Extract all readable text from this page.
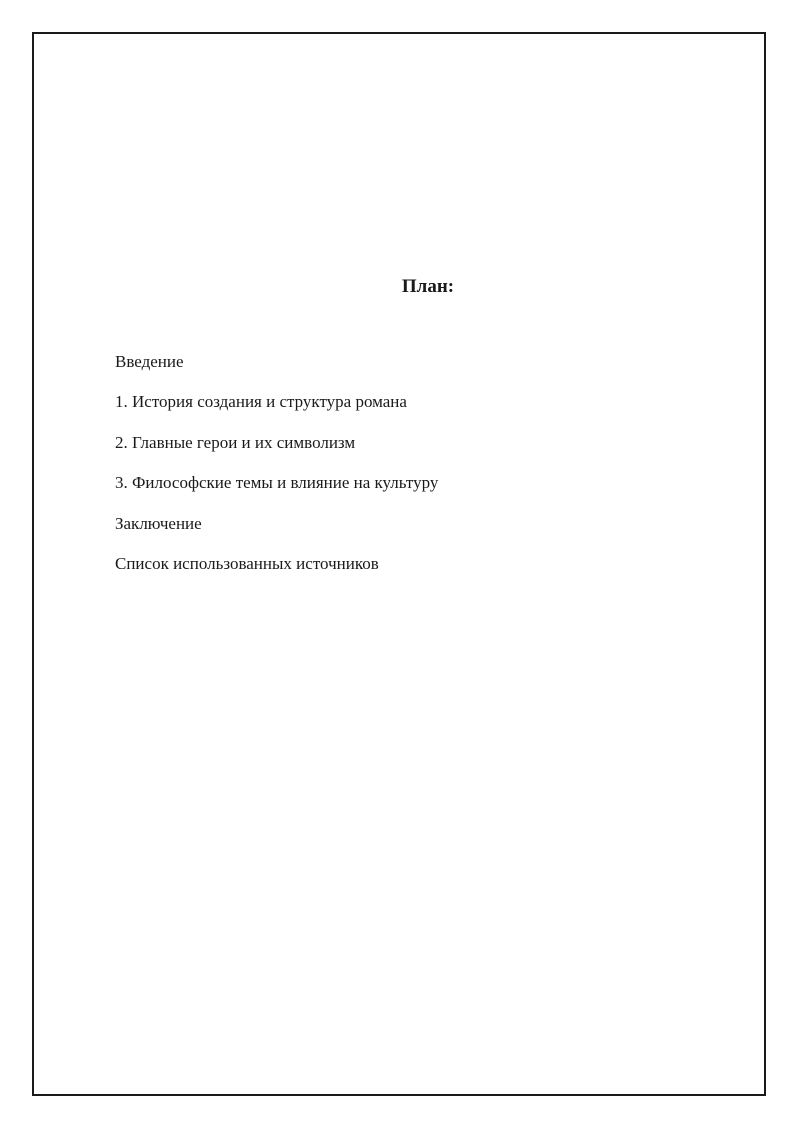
План:
Введение
1. История создания и структура романа
2. Главные герои и их символизм
3. Философские темы и влияние на культуру
Заключение
Список использованных источников
